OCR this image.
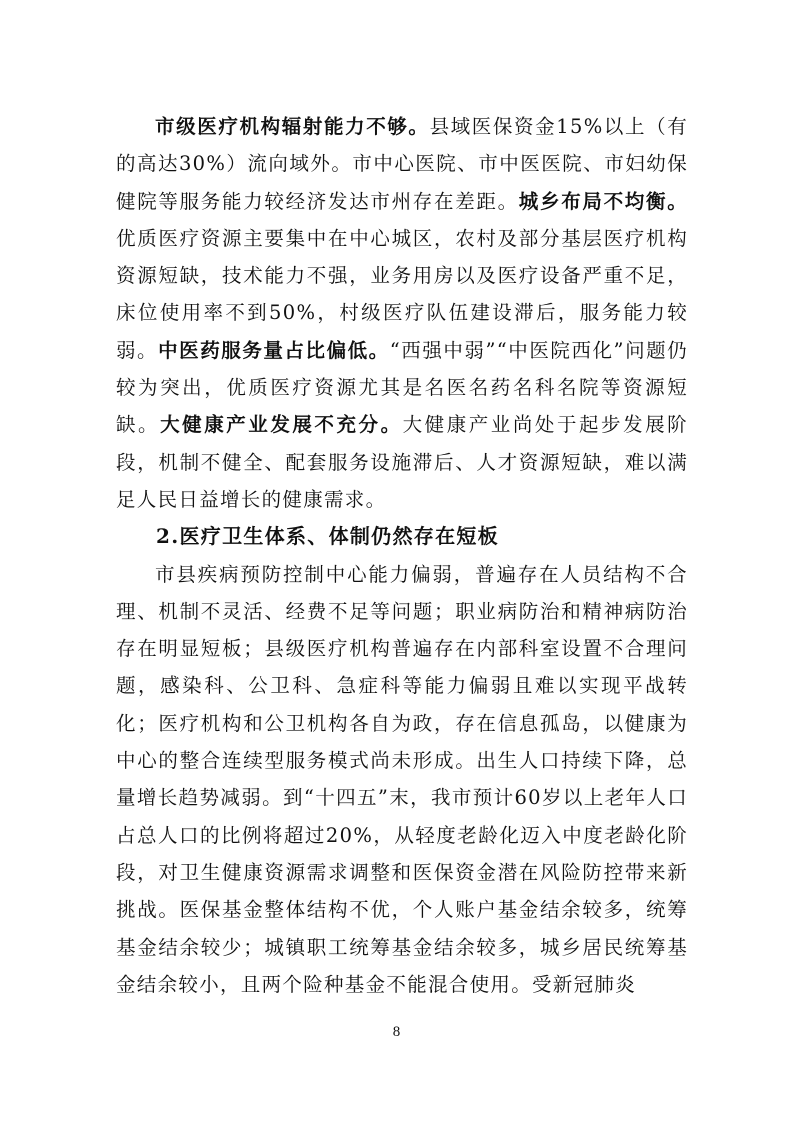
市级医疗机构辐射能力不够。县域医保资金15%以上（有的高达30%）流向域外。市中心医院、市中医医院、市妇幼保健院等服务能力较经济发达市州存在差距。城乡布局不均衡。优质医疗资源主要集中在中心城区，农村及部分基层医疗机构资源短缺，技术能力不强，业务用房以及医疗设备严重不足，床位使用率不到50%，村级医疗队伍建设滞后，服务能力较弱。中医药服务量占比偏低。“西强中弱”“中医院西化”问题仍较为突出，优质医疗资源尤其是名医名药名科名院等资源短缺。大健康产业发展不充分。大健康产业尚处于起步发展阶段，机制不健全、配套服务设施滞后、人才资源短缺，难以满足人民日益增长的健康需求。

2.医疗卫生体系、体制仍然存在短板

市县疾病预防控制中心能力偏弱，普遍存在人员结构不合理、机制不灵活、经费不足等问题；职业病防治和精神病防治存在明显短板；县级医疗机构普遍存在内部科室设置不合理问题，感染科、公卫科、急症科等能力偏弱且难以实现平战转化；医疗机构和公卫机构各自为政，存在信息孤岛，以健康为中心的整合连续型服务模式尚未形成。出生人口持续下降，总量增长趋势减弱。到“十四五”末，我市预计60岁以上老年人口占总人口的比例将超过20%，从轻度老龄化迈入中度老龄化阶段，对卫生健康资源需求调整和医保资金潜在风险防控带来新挑战。医保基金整体结构不优，个人账户基金结余较多，统筹基金结余较少；城镇职工统筹基金结余较多，城乡居民统筹基金结余较小，且两个险种基金不能混合使用。受新冠肺炎

8
